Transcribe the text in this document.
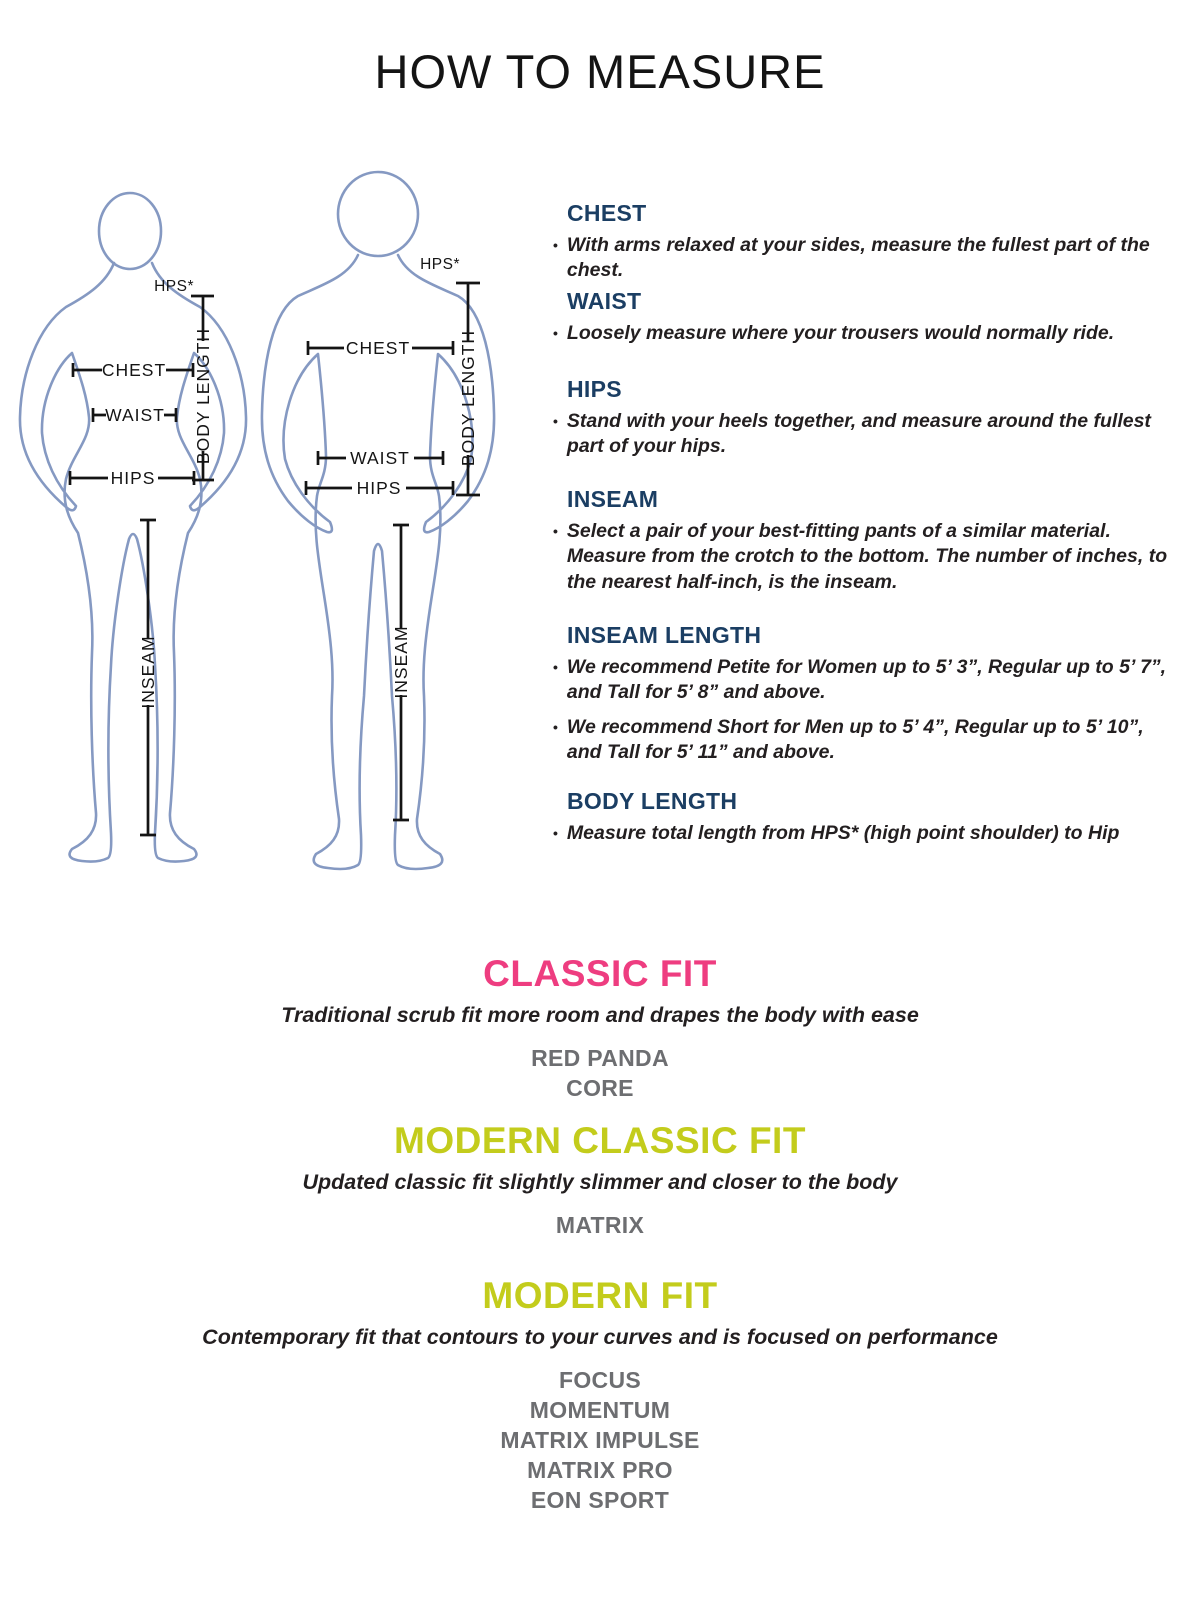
HOW TO MEASURE
CHEST
WAIST
HIPS
HPS*
BODY LENGTH
INSEAM
CHEST
WAIST
HIPS
HPS*
BODY LENGTH
INSEAM
CHEST
• With arms relaxed at your sides, measure the fullest part of the chest.
WAIST
• Loosely measure where your trousers would normally ride.
HIPS
• Stand with your heels together, and measure around the fullest part of your hips.
INSEAM
• Select a pair of your best-fitting pants of a similar material. Measure from the crotch to the bottom. The number of inches, to the nearest half-inch, is the inseam.
INSEAM LENGTH
• We recommend Petite for Women up to 5’ 3”, Regular up to 5’ 7”, and Tall for 5’ 8” and above.
• We recommend Short for Men up to 5’ 4”, Regular up to 5’ 10”, and Tall for 5’ 11” and above.
BODY LENGTH
• Measure total length from HPS* (high point shoulder) to Hip
CLASSIC FIT

Traditional scrub fit more room and drapes the body with ease

RED PANDA
CORE
MODERN CLASSIC FIT

Updated classic fit slightly slimmer and closer to the body

MATRIX
MODERN FIT

Contemporary fit that contours to your curves and is focused on performance

FOCUS
MOMENTUM
MATRIX IMPULSE
MATRIX PRO
EON SPORT
